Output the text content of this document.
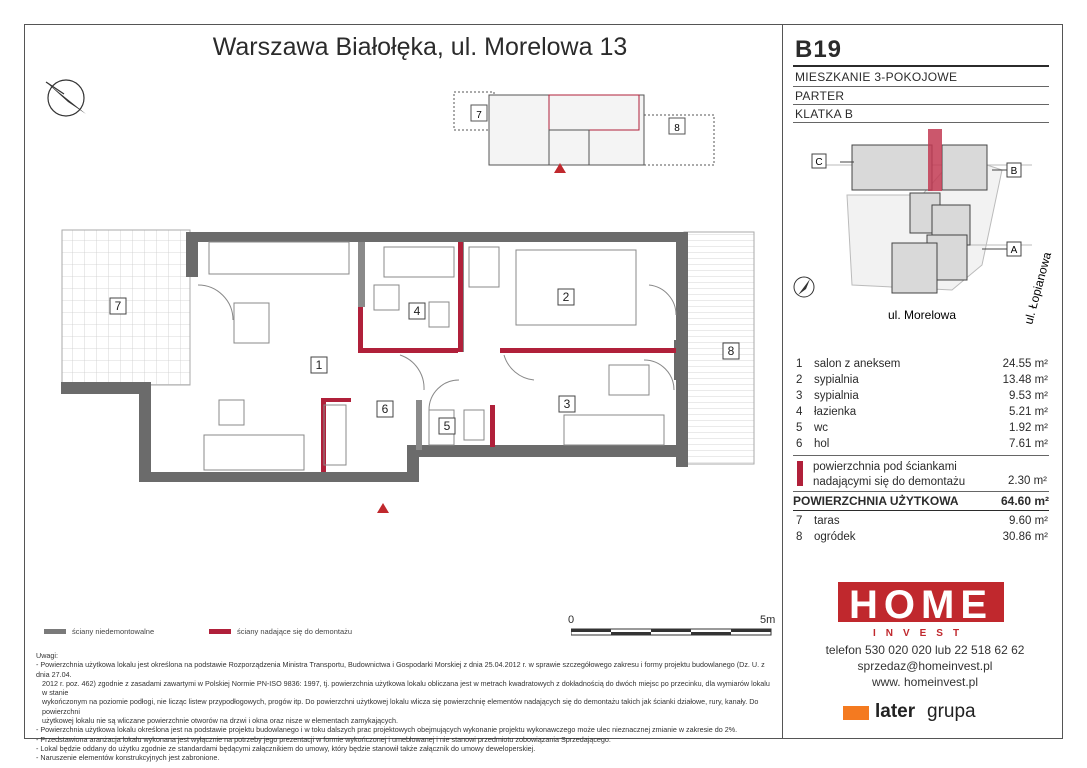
Warszawa Białołęka, ul. Morelowa 13	B19
MIESZKANIE 3-POKOJOWE
PARTER
KLATKA B
C
B
A
ul. Morelowa	ul. Łopianowa
1 salon z aneksem	24.55 m²
2 sypialnia	13.48 m²
3 sypialnia	9.53 m²
4 łazienka	5.21 m²
5 wc	1.92 m²
6 hol	7.61 m²
powierzchnia pod ściankami
nadającymi się do demontażu	2.30 m²
POWIERZCHNIA UŻYTKOWA	64.60 m²
7 taras	9.60 m²
8 ogródek	30.86 m²
HOME
INVEST
telefon 530 020 020 lub 22 518 62 62
sprzedaz@homeinvest.pl
www. homeinvest.pl
later grupa
7
8
1
2
3
4
5
6
7
8
0	5m
ściany niedemontowalne	ściany nadające się do demontażu

Uwagi:

- Powierzchnia użytkowa lokalu jest określona na podstawie Rozporządzenia Ministra Transportu, Budownictwa i Gospodarki Morskiej z dnia 25.04.2012 r. w sprawie szczegółowego zakresu i formy projektu budowlanego (Dz. U. z dnia 27.04.

2012 r. poz. 462) zgodnie z zasadami zawartymi w Polskiej Normie PN-ISO 9836: 1997, tj. powierzchnia użytkowa lokalu obliczana jest w metrach kwadratowych z dokładnością do dwóch miejsc po przecinku, dla wymiarów lokalu w stanie

wykończonym na poziomie podłogi, nie licząc listew przypodłogowych, progów itp. Do powierzchni użytkowej lokalu wlicza się powierzchnię elementów nadających się do demontażu takich jak ścianki działowe, rury, kanały. Do powierzchni

użytkowej lokalu nie są wliczane powierzchnie otworów na drzwi i okna oraz nisze w elementach zamykających.

- Powierzchnia użytkowa lokalu określona jest na podstawie projektu budowlanego i w toku dalszych prac projektowych obejmujących wykonanie projektu wykonawczego może ulec nieznacznej zmianie w zakresie do 2%.

- Przedstawiona aranżacja lokalu wykonana jest wyłącznie na potrzeby jego prezentacji w formie wykończonej i umeblowanej i nie stanowi przedmiotu zobowiązania Sprzedającego.

- Lokal będzie oddany do użytku zgodnie ze standardami będącymi załącznikiem do umowy, który będzie stanowił także załącznik do umowy deweloperskiej.

- Naruszenie elementów konstrukcyjnych jest zabronione.
